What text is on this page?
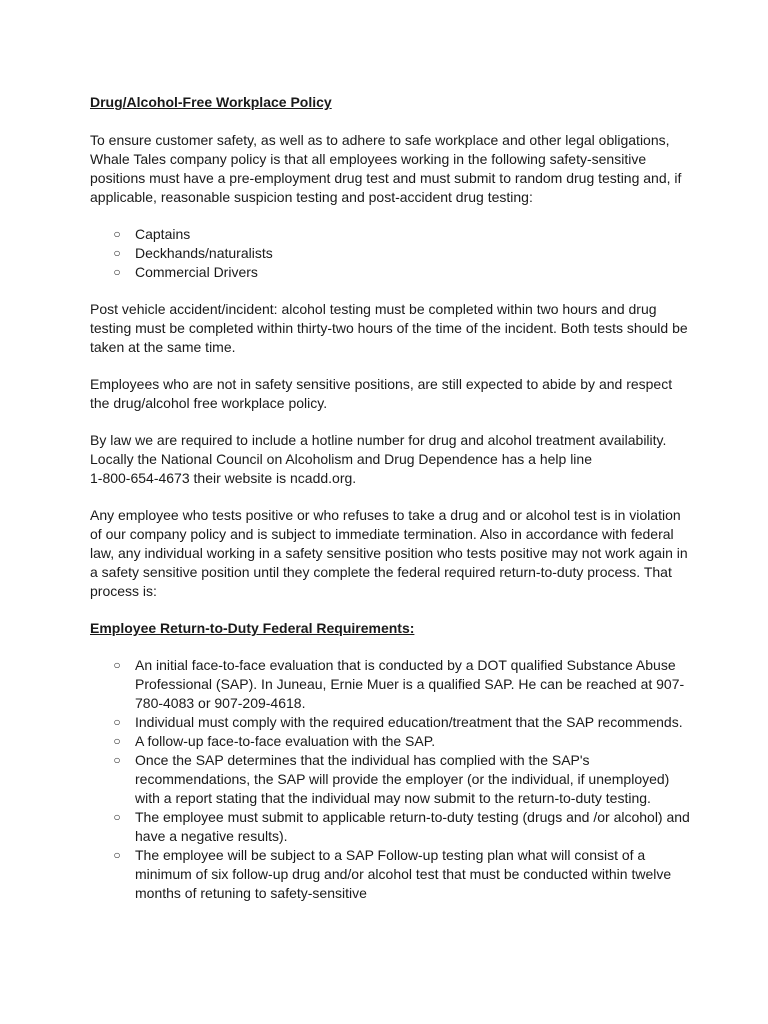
Drug/Alcohol-Free Workplace Policy

To ensure customer safety, as well as to adhere to safe workplace and other legal obligations, Whale Tales company policy is that all employees working in the following safety-sensitive positions must have a pre-employment drug test and must submit to random drug testing and, if applicable, reasonable suspicion testing and post-accident drug testing:

○ Captains
○ Deckhands/naturalists
○ Commercial Drivers

Post vehicle accident/incident: alcohol testing must be completed within two hours and drug testing must be completed within thirty-two hours of the time of the incident. Both tests should be taken at the same time.

Employees who are not in safety sensitive positions, are still expected to abide by and respect the drug/alcohol free workplace policy.

By law we are required to include a hotline number for drug and alcohol treatment availability. Locally the National Council on Alcoholism and Drug Dependence has a help line
1-800-654-4673 their website is ncadd.org.

Any employee who tests positive or who refuses to take a drug and or alcohol test is in violation of our company policy and is subject to immediate termination. Also in accordance with federal law, any individual working in a safety sensitive position who tests positive may not work again in a safety sensitive position until they complete the federal required return-to-duty process. That process is:

Employee Return-to-Duty Federal Requirements:

○ An initial face-to-face evaluation that is conducted by a DOT qualified Substance Abuse Professional (SAP). In Juneau, Ernie Muer is a qualified SAP. He can be reached at 907-780-4083 or 907-209-4618.
○ Individual must comply with the required education/treatment that the SAP recommends.
○ A follow-up face-to-face evaluation with the SAP.
○ Once the SAP determines that the individual has complied with the SAP's recommendations, the SAP will provide the employer (or the individual, if unemployed) with a report stating that the individual may now submit to the return-to-duty testing.
○ The employee must submit to applicable return-to-duty testing (drugs and /or alcohol) and have a negative results).
○ The employee will be subject to a SAP Follow-up testing plan what will consist of a minimum of six follow-up drug and/or alcohol test that must be conducted within twelve months of retuning to safety-sensitive
